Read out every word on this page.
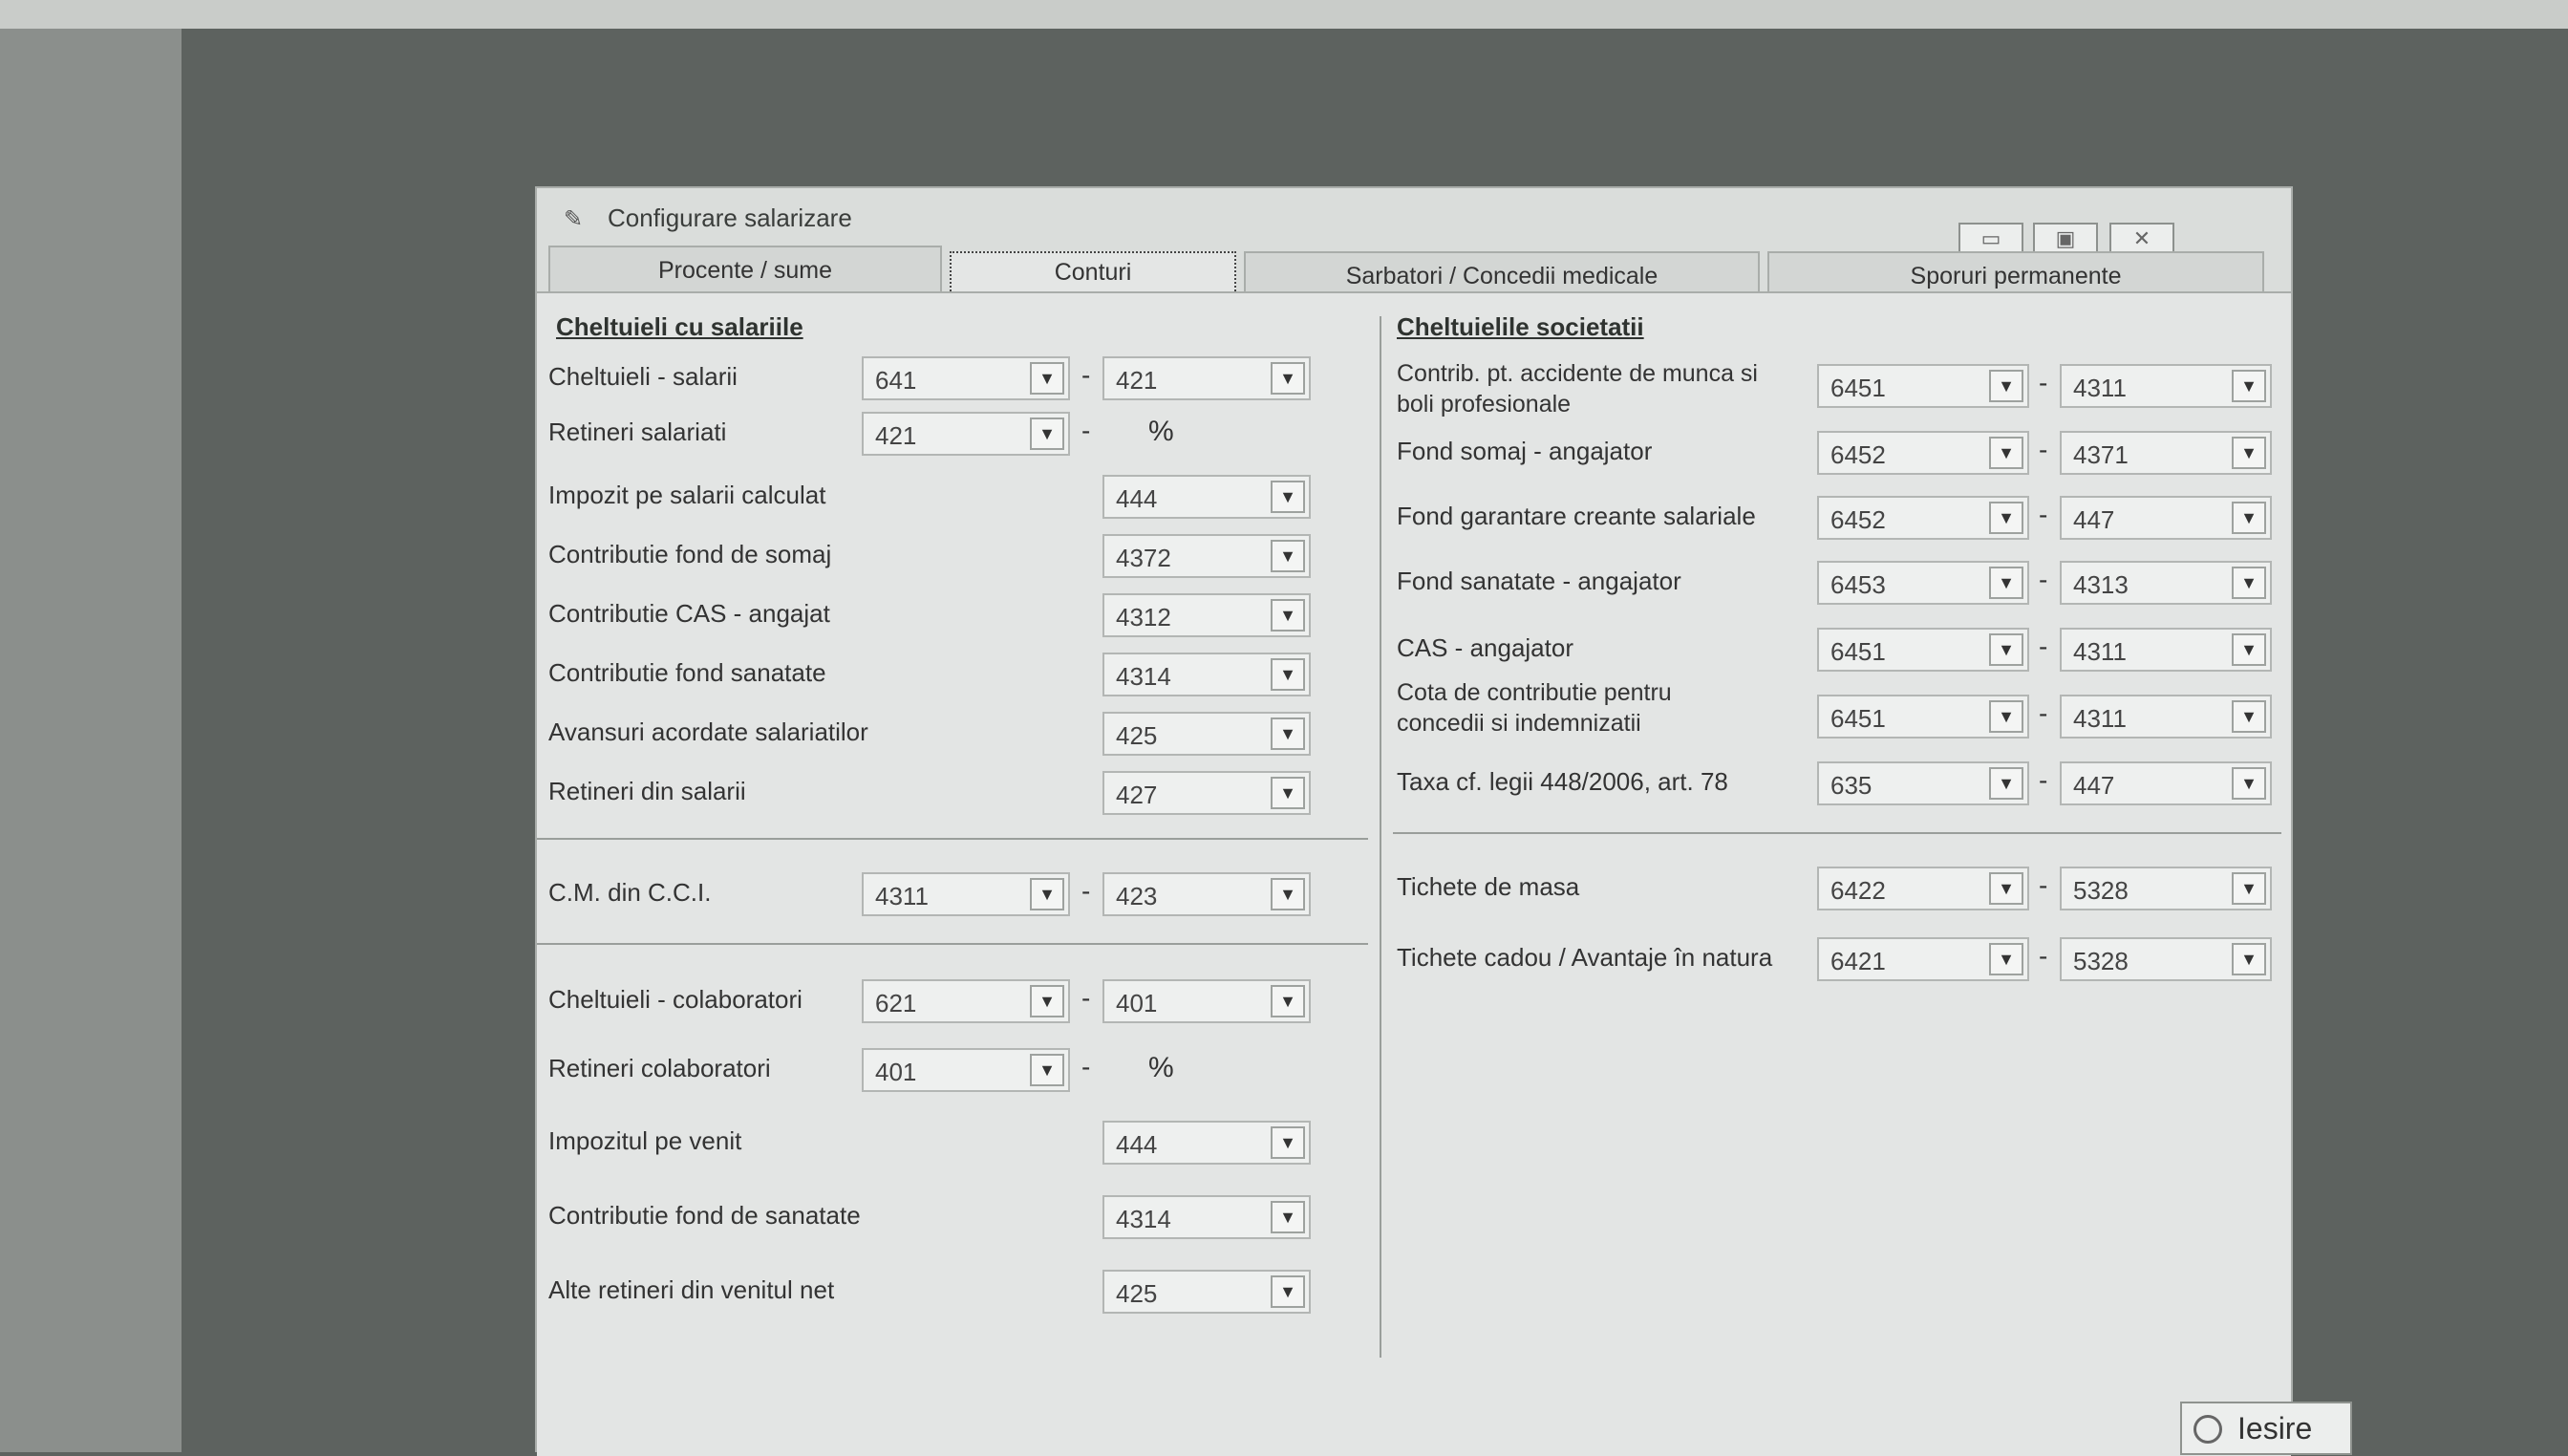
✎ Configurare salarizare
▭	▣	✕
Procente / sume	Conturi	Sarbatori / Concedii medicale	Sporuri permanente
Cheltuieli cu salariile
Cheltuieli - salarii	641	▼ - 421	▼
Retineri salariati	421	▼ - %
Impozit pe salarii calculat	444	▼
Contributie fond de somaj	4372	▼
Contributie CAS - angajat	4312	▼
Contributie fond sanatate	4314	▼
Avansuri acordate salariatilor	425	▼
Retineri din salarii	427	▼
C.M. din C.C.I.	4311	▼ - 423	▼
Cheltuieli - colaboratori	621	▼ - 401	▼
Retineri colaboratori	401	▼ - %
Impozitul pe venit	444	▼
Contributie fond de sanatate	4314	▼
Alte retineri din venitul net	425	▼
Cheltuielile societatii
Contrib. pt. accidente de munca si
boli profesionale
6451	▼ - 4311	▼
Fond somaj - angajator	6452	▼ - 4371	▼
Fond garantare creante salariale	6452	▼ - 447	▼
Fond sanatate - angajator	6453	▼ - 4313	▼
CAS - angajator	6451	▼ - 4311	▼
Cota de contributie pentru
concedii si indemnizatii	6451	▼ - 4311	▼
Taxa cf. legii 448/2006, art. 78	635	▼ - 447	▼
Tichete de masa	6422	▼ - 5328	▼
Tichete cadou / Avantaje în natura 6421	▼ - 5328	▼
Iesire
